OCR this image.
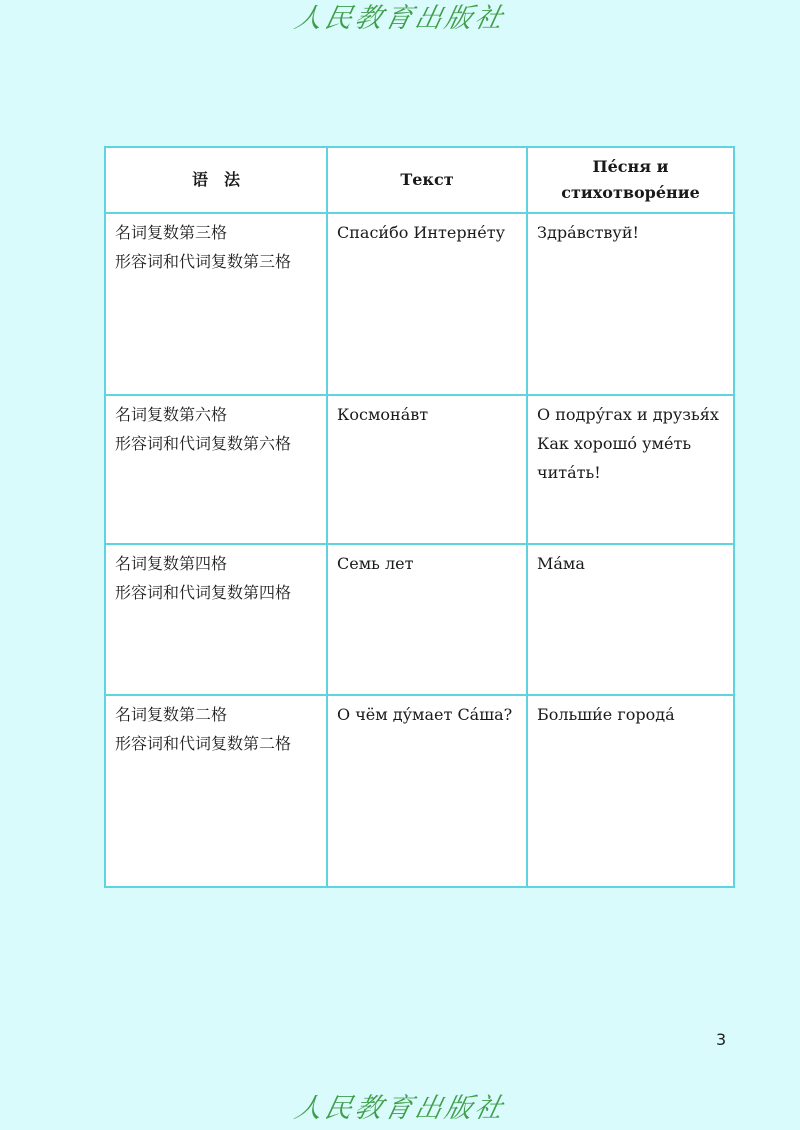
人民教育出版社
语　法	Текст	Пе́сня и стихотворе́ние

名词复数第三格
形容词和代词复数第三格	Спаси́бо Интерне́ту	Здра́вствуй!

名词复数第六格
形容词和代词复数第六格	Космона́вт	О подру́гах и друзья́х
Как хорошо́ уме́ть
чита́ть!

名词复数第四格
形容词和代词复数第四格	Семь лет	Ма́ма

名词复数第二格
形容词和代词复数第二格	О чём ду́мает Са́ша?	Больши́е города́
3
人民教育出版社
